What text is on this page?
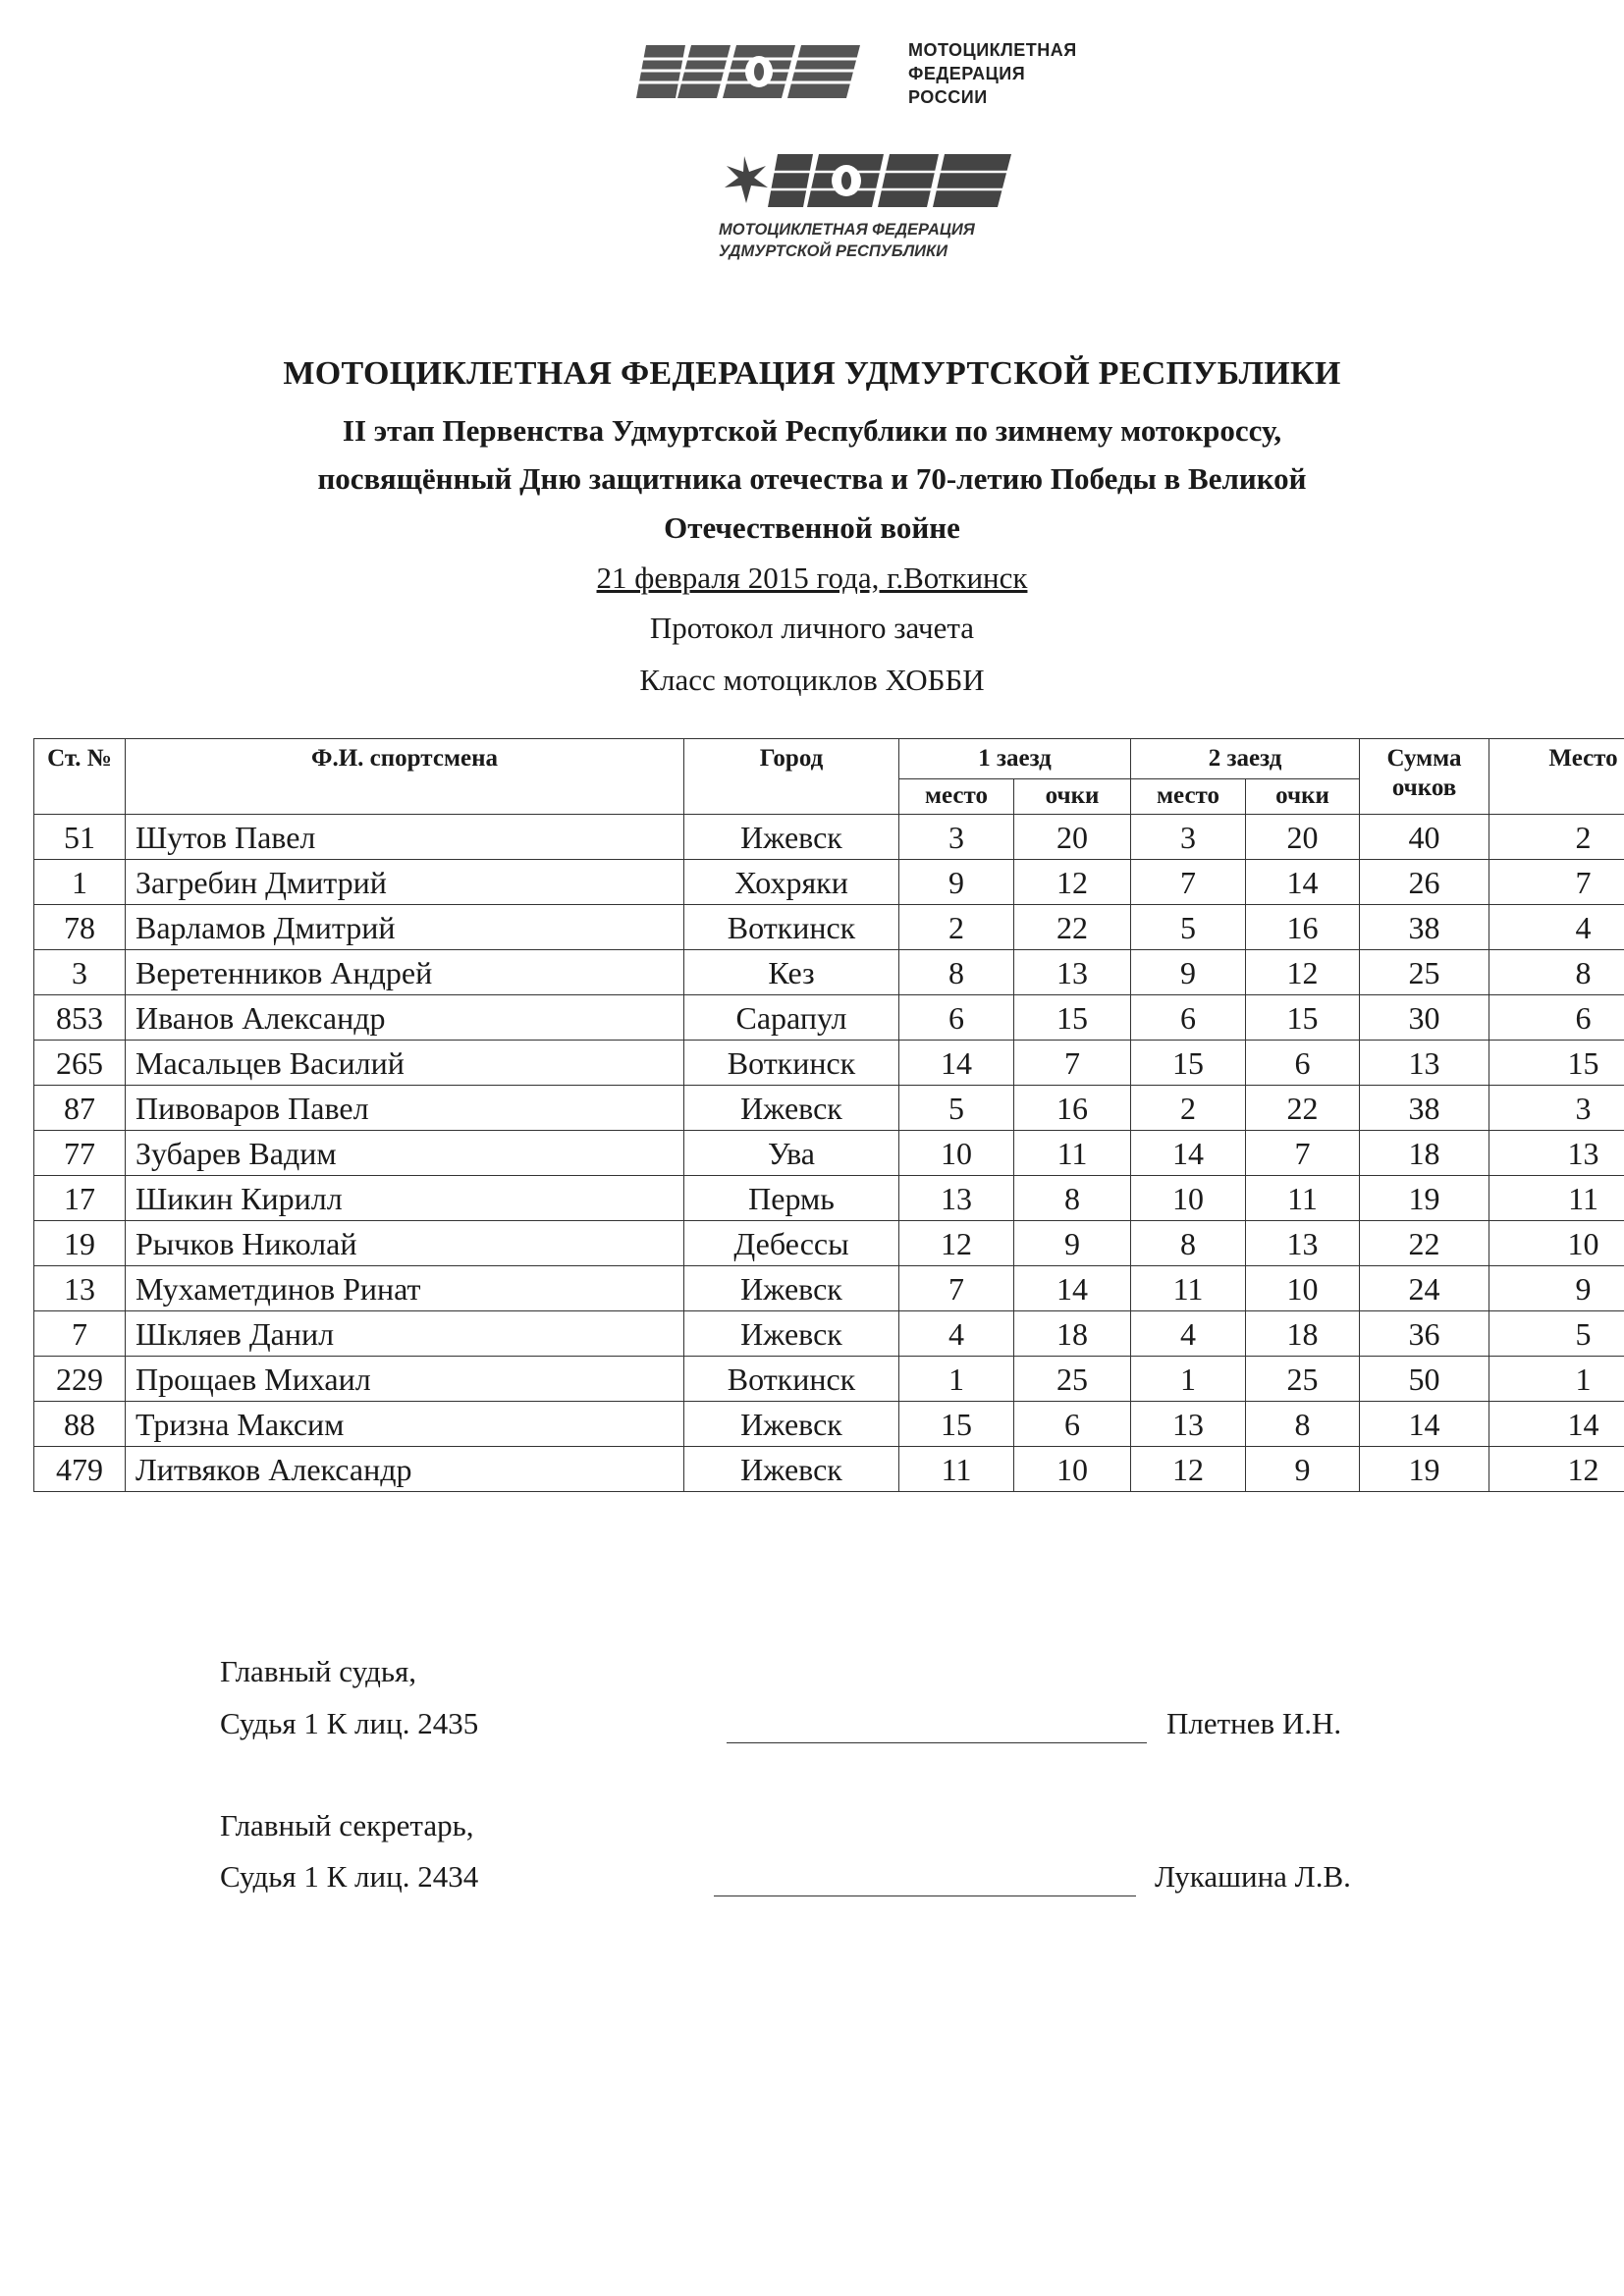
МОТОЦИКЛЕТНАЯ
ФЕДЕРАЦИЯ
РОССИИ
МОТОЦИКЛЕТНАЯ ФЕДЕРАЦИЯ
УДМУРТСКОЙ РЕСПУБЛИКИ
МОТОЦИКЛЕТНАЯ ФЕДЕРАЦИЯ УДМУРТСКОЙ РЕСПУБЛИКИ
II этап Первенства Удмуртской Республики по зимнему мотокроссу,
посвящённый Дню защитника отечества и 70-летию Победы в Великой
Отечественной войне
21 февраля 2015 года, г.Воткинск
Протокол личного зачета
Класс мотоциклов ХОББИ
Ст. №	Ф.И. спортсмена	Город	1 заезд		2 заезд		Сумма очков	Место
			место	очки	место	очки		
51	Шутов Павел	Ижевск	3	20	3	20	40	2
1	Загребин Дмитрий	Хохряки	9	12	7	14	26	7
78	Варламов Дмитрий	Воткинск	2	22	5	16	38	4
3	Веретенников Андрей	Кез	8	13	9	12	25	8
853	Иванов Александр	Сарапул	6	15	6	15	30	6
265	Масальцев Василий	Воткинск	14	7	15	6	13	15
87	Пивоваров Павел	Ижевск	5	16	2	22	38	3
77	Зубарев Вадим	Ува	10	11	14	7	18	13
17	Шикин Кирилл	Пермь	13	8	10	11	19	11
19	Рычков Николай	Дебессы	12	9	8	13	22	10
13	Мухаметдинов Ринат	Ижевск	7	14	11	10	24	9
7	Шкляев Данил	Ижевск	4	18	4	18	36	5
229	Прощаев Михаил	Воткинск	1	25	1	25	50	1
88	Тризна Максим	Ижевск	15	6	13	8	14	14
479	Литвяков Александр	Ижевск	11	10	12	9	19	12
Главный судья,
Судья 1 К лиц. 2435	Плетнев И.Н.
Главный секретарь,
Судья 1 К лиц. 2434	Лукашина Л.В.
